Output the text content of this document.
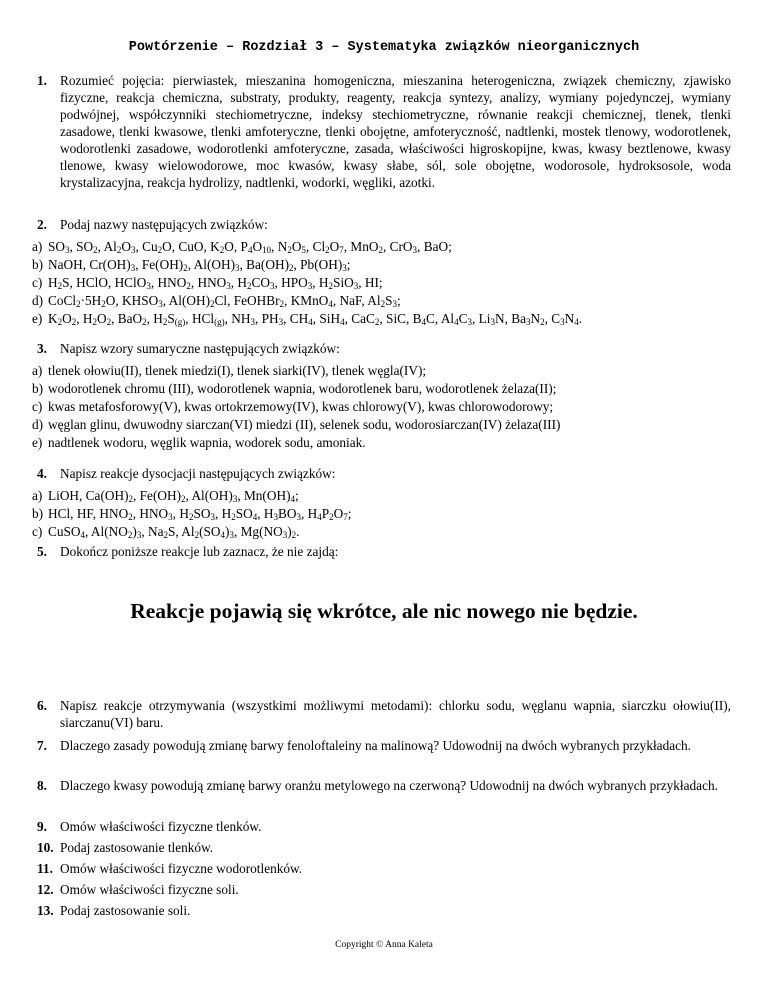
Powtórzenie – Rozdział 3 – Systematyka związków nieorganicznych
1. Rozumieć pojęcia: pierwiastek, mieszanina homogeniczna, mieszanina heterogeniczna, związek chemiczny, zjawisko fizyczne, reakcja chemiczna, substraty, produkty, reagenty, reakcja syntezy, analizy, wymiany pojedynczej, wymiany podwójnej, współczynniki stechiometryczne, indeksy stechiometryczne, równanie reakcji chemicznej, tlenek, tlenki zasadowe, tlenki kwasowe, tlenki amfoteryczne, tlenki obojętne, amfoteryczność, nadtlenki, mostek tlenowy, wodorotlenek, wodorotlenki zasadowe, wodorotlenki amfoteryczne, zasada, właściwości higroskopijne, kwas, kwasy beztlenowe, kwasy tlenowe, kwasy wielowodorowe, moc kwasów, kwasy słabe, sól, sole obojętne, wodorosole, hydroksosole, woda krystalizacyjna, reakcja hydrolizy, nadtlenki, wodorki, węgliki, azotki.
2. Podaj nazwy następujących związków:
a) $SO_3$, $SO_2$, $Al_2O_3$, $Cu_2O$, CuO, $K_2O$, $P_4O_{10}$, $N_2O_5$, $Cl_2O_7$, MnO$_2$, CrO$_3$, BaO;
b) NaOH, $Cr(OH)_3$, $Fe(OH)_2$, $Al(OH)_3$, $Ba(OH)_2$, $Pb(OH)_3$;
c) $H_2S$, HClO, HClO$_3$, $HNO_2$, $HNO_3$, $H_2CO_3$, $HPO_3$, $H_2SiO_3$, HI;
d) $CoCl_2\cdot 5H_2O$, $KHSO_3$, $Al(OH)_2Cl$, FeOHBr$_2$, KMnO$_4$, NaF, $Al_2S_3$;
e) $K_2O_2$, $H_2O_2$, BaO$_2$, $H_2S_{(g)}$, HCl$_{(g)}$, $NH_3$, $PH_3$, $CH_4$, SiH$_4$, CaC$_2$, SiC, $B_4C$, $Al_4C_3$, $Li_3N$, $Ba_3N_2$, $C_3N_4$.
3. Napisz wzory sumaryczne następujących związków:
a) tlenek ołowiu(II), tlenek miedzi(I), tlenek siarki(IV), tlenek węgla(IV);
b) wodorotlenek chromu (III), wodorotlenek wapnia, wodorotlenek baru, wodorotlenek żelaza(II);
c) kwas metafosforowy(V), kwas ortokrzemowy(IV), kwas chlorowy(V), kwas chlorowodorowy;
d) węglan glinu, dwuwodny siarczan(VI) miedzi (II), selenek sodu, wodorosiarczan(IV) żelaza(III)
e) nadtlenek wodoru, węglik wapnia, wodorek sodu, amoniak.
4. Napisz reakcje dysocjacji następujących związków:
a) LiOH, $Ca(OH)_2$, $Fe(OH)_2$, $Al(OH)_3$, $Mn(OH)_4$;
b) HCl, HF, $HNO_2$, $HNO_3$, $H_2SO_3$, $H_2SO_4$, $H_3BO_3$, $H_4P_2O_7$;
c) CuSO$_4$, $Al(NO_2)_3$, $Na_2S$, $Al_2(SO_4)_3$, $Mg(NO_3)_2$.
5. Dokończ poniższe reakcje lub zaznacz, że nie zajdą:
Reakcje pojawią się wkrótce, ale nic nowego nie będzie.
6. Napisz reakcje otrzymywania (wszystkimi możliwymi metodami): chlorku sodu, węglanu wapnia, siarczku ołowiu(II), siarczanu(VI) baru.
7. Dlaczego zasady powodują zmianę barwy fenoloftaleiny na malinową? Udowodnij na dwóch wybranych przykładach.
8. Dlaczego kwasy powodują zmianę barwy oranżu metylowego na czerwoną? Udowodnij na dwóch wybranych przykładach.
9. Omów właściwości fizyczne tlenków.
10. Podaj zastosowanie tlenków.
11. Omów właściwości fizyczne wodorotlenków.
12. Omów właściwości fizyczne soli.
13. Podaj zastosowanie soli.
Copyright © Anna Kaleta
